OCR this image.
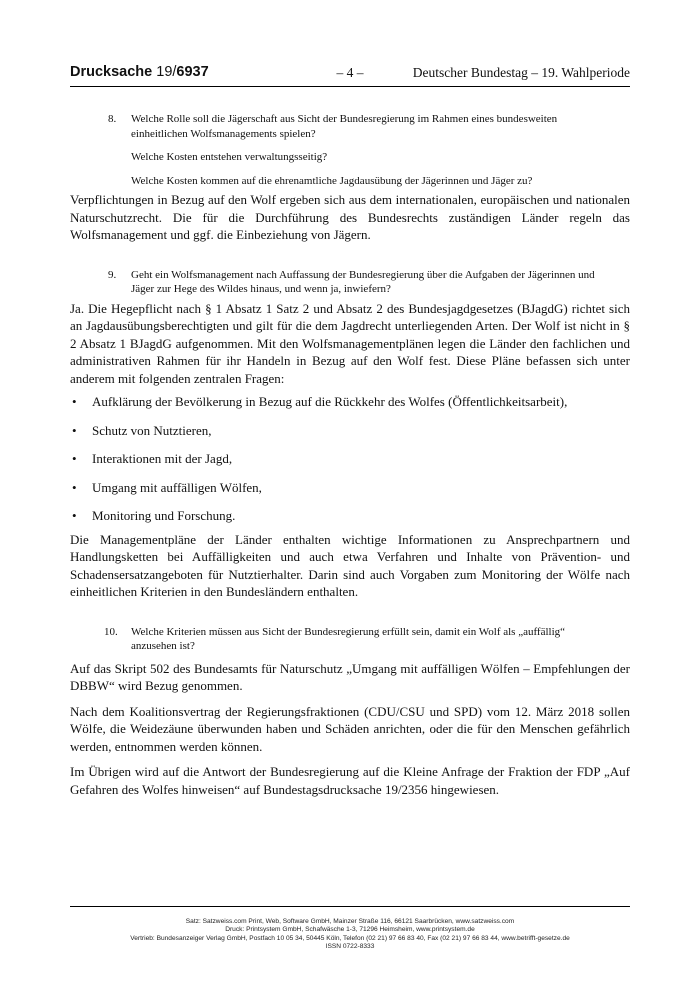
Drucksache 19/6937	– 4 –	Deutscher Bundestag – 19. Wahlperiode
8. Welche Rolle soll die Jägerschaft aus Sicht der Bundesregierung im Rahmen eines bundesweiten einheitlichen Wolfsmanagements spielen?

Welche Kosten entstehen verwaltungsseitig?

Welche Kosten kommen auf die ehrenamtliche Jagdausübung der Jägerinnen und Jäger zu?

Verpflichtungen in Bezug auf den Wolf ergeben sich aus dem internationalen, europäischen und nationalen Naturschutzrecht. Die für die Durchführung des Bundesrechts zuständigen Länder regeln das Wolfsmanagement und ggf. die Einbeziehung von Jägern.

9. Geht ein Wolfsmanagement nach Auffassung der Bundesregierung über die Aufgaben der Jägerinnen und Jäger zur Hege des Wildes hinaus, und wenn ja, inwiefern?

Ja. Die Hegepflicht nach § 1 Absatz 1 Satz 2 und Absatz 2 des Bundesjagdgesetzes (BJagdG) richtet sich an Jagdausübungsberechtigten und gilt für die dem Jagdrecht unterliegenden Arten. Der Wolf ist nicht in § 2 Absatz 1 BJagdG aufgenommen. Mit den Wolfsmanagementplänen legen die Länder den fachlichen und administrativen Rahmen für ihr Handeln in Bezug auf den Wolf fest. Diese Pläne befassen sich unter anderem mit folgenden zentralen Fragen:

• Aufklärung der Bevölkerung in Bezug auf die Rückkehr des Wolfes (Öffentlichkeitsarbeit),
• Schutz von Nutztieren,
• Interaktionen mit der Jagd,
• Umgang mit auffälligen Wölfen,
• Monitoring und Forschung.

Die Managementpläne der Länder enthalten wichtige Informationen zu Ansprechpartnern und Handlungsketten bei Auffälligkeiten und auch etwa Verfahren und Inhalte von Prävention- und Schadensersatzangeboten für Nutztierhalter. Darin sind auch Vorgaben zum Monitoring der Wölfe nach einheitlichen Kriterien in den Bundesländern enthalten.

10. Welche Kriterien müssen aus Sicht der Bundesregierung erfüllt sein, damit ein Wolf als „auffällig“ anzusehen ist?

Auf das Skript 502 des Bundesamts für Naturschutz „Umgang mit auffälligen Wölfen – Empfehlungen der DBBW“ wird Bezug genommen.

Nach dem Koalitionsvertrag der Regierungsfraktionen (CDU/CSU und SPD) vom 12. März 2018 sollen Wölfe, die Weidezäune überwunden haben und Schäden anrichten, oder die für den Menschen gefährlich werden, entnommen werden können.

Im Übrigen wird auf die Antwort der Bundesregierung auf die Kleine Anfrage der Fraktion der FDP „Auf Gefahren des Wolfes hinweisen“ auf Bundestagsdrucksache 19/2356 hingewiesen.

Satz: Satzweiss.com Print, Web, Software GmbH, Mainzer Straße 116, 66121 Saarbrücken, www.satzweiss.com
Druck: Printsystem GmbH, Schafwäsche 1-3, 71296 Heimsheim, www.printsystem.de
Vertrieb: Bundesanzeiger Verlag GmbH, Postfach 10 05 34, 50445 Köln, Telefon (02 21) 97 66 83 40, Fax (02 21) 97 66 83 44, www.betrifft-gesetze.de
ISSN 0722-8333
